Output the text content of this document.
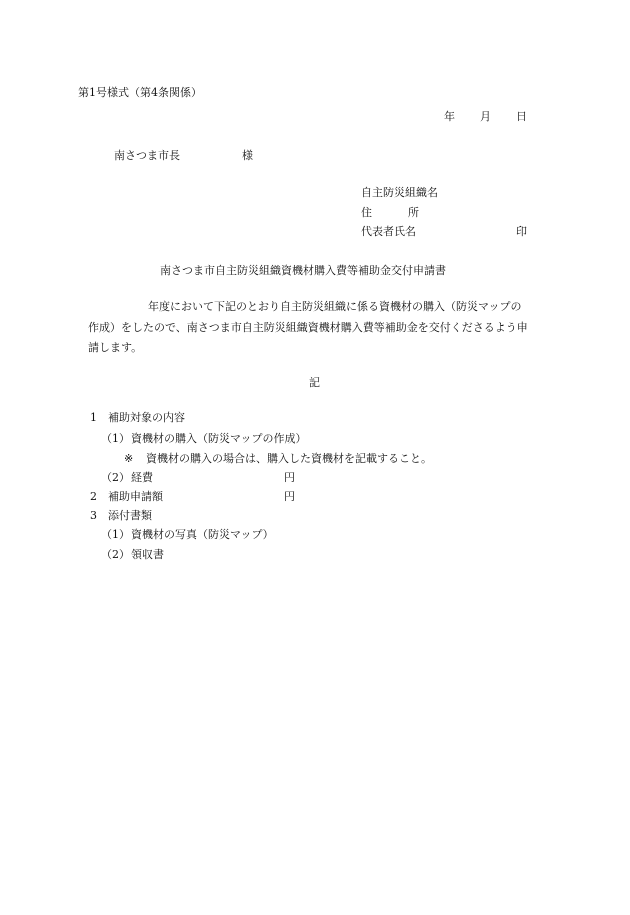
第1号様式（第4条関係）
年 月 日
南さつま市長	様
自主防災組織名
住	所
代表者氏名	印
南さつま市自主防災組織資機材購入費等補助金交付申請書
年度において下記のとおり自主防災組織に係る資機材の購入（防災マップの
作成）をしたので、南さつま市自主防災組織資機材購入費等補助金を交付くださるよう申
請します。
記
1 補助対象の内容
（1） 資機材の購入（防災マップの作成）
※ 資機材の購入の場合は、購入した資機材を記載すること。
（2） 経費	円
2 補助申請額	円
3 添付書類
（1） 資機材の写真（防災マップ）
（2） 領収書
